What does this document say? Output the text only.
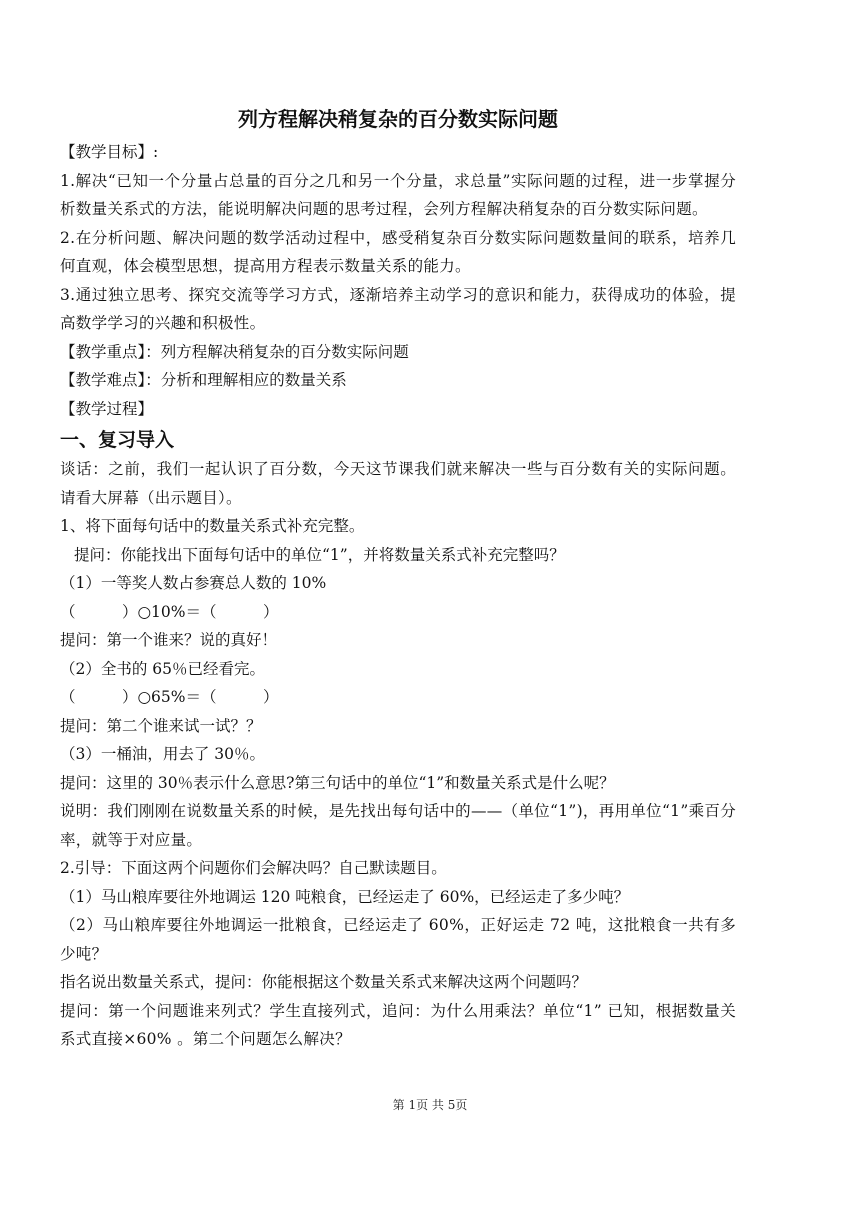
列方程解决稍复杂的百分数实际问题

【教学目标】:

1.解决“已知一个分量占总量的百分之几和另一个分量，求总量”实际问题的过程，进一步掌握分析数量关系式的方法，能说明解决问题的思考过程，会列方程解决稍复杂的百分数实际问题。

2.在分析问题、解决问题的数学活动过程中，感受稍复杂百分数实际问题数量间的联系，培养几何直观，体会模型思想，提高用方程表示数量关系的能力。

3.通过独立思考、探究交流等学习方式，逐渐培养主动学习的意识和能力，获得成功的体验，提高数学学习的兴趣和积极性。

【教学重点】：列方程解决稍复杂的百分数实际问题

【教学难点】：分析和理解相应的数量关系

【教学过程】

一、复习导入

谈话：之前，我们一起认识了百分数，今天这节课我们就来解决一些与百分数有关的实际问题。请看大屏幕（出示题目）。

1、将下面每句话中的数量关系式补充完整。

提问：你能找出下面每句话中的单位“1”，并将数量关系式补充完整吗？

（1）一等奖人数占参赛总人数的 10%

（　　　）○10%＝（　　　）

提问：第一个谁来？说的真好！

（2）全书的 65％已经看完。

（　　　）○65%＝（　　　）

提问：第二个谁来试一试？？

（3）一桶油，用去了 30％。

提问：这里的 30％表示什么意思?第三句话中的单位“1”和数量关系式是什么呢？

说明：我们刚刚在说数量关系的时候，是先找出每句话中的——（单位“1”)，再用单位“1”乘百分率，就等于对应量。

2.引导：下面这两个问题你们会解决吗？自己默读题目。

（1）马山粮库要往外地调运 120 吨粮食，已经运走了 60%，已经运走了多少吨？

（2）马山粮库要往外地调运一批粮食，已经运走了 60%，正好运走 72 吨，这批粮食一共有多少吨？

指名说出数量关系式，提问：你能根据这个数量关系式来解决这两个问题吗？

提问：第一个问题谁来列式？学生直接列式，追问：为什么用乘法？单位“1” 已知，根据数量关系式直接×60% 。第二个问题怎么解决？

第 1页 共 5页
